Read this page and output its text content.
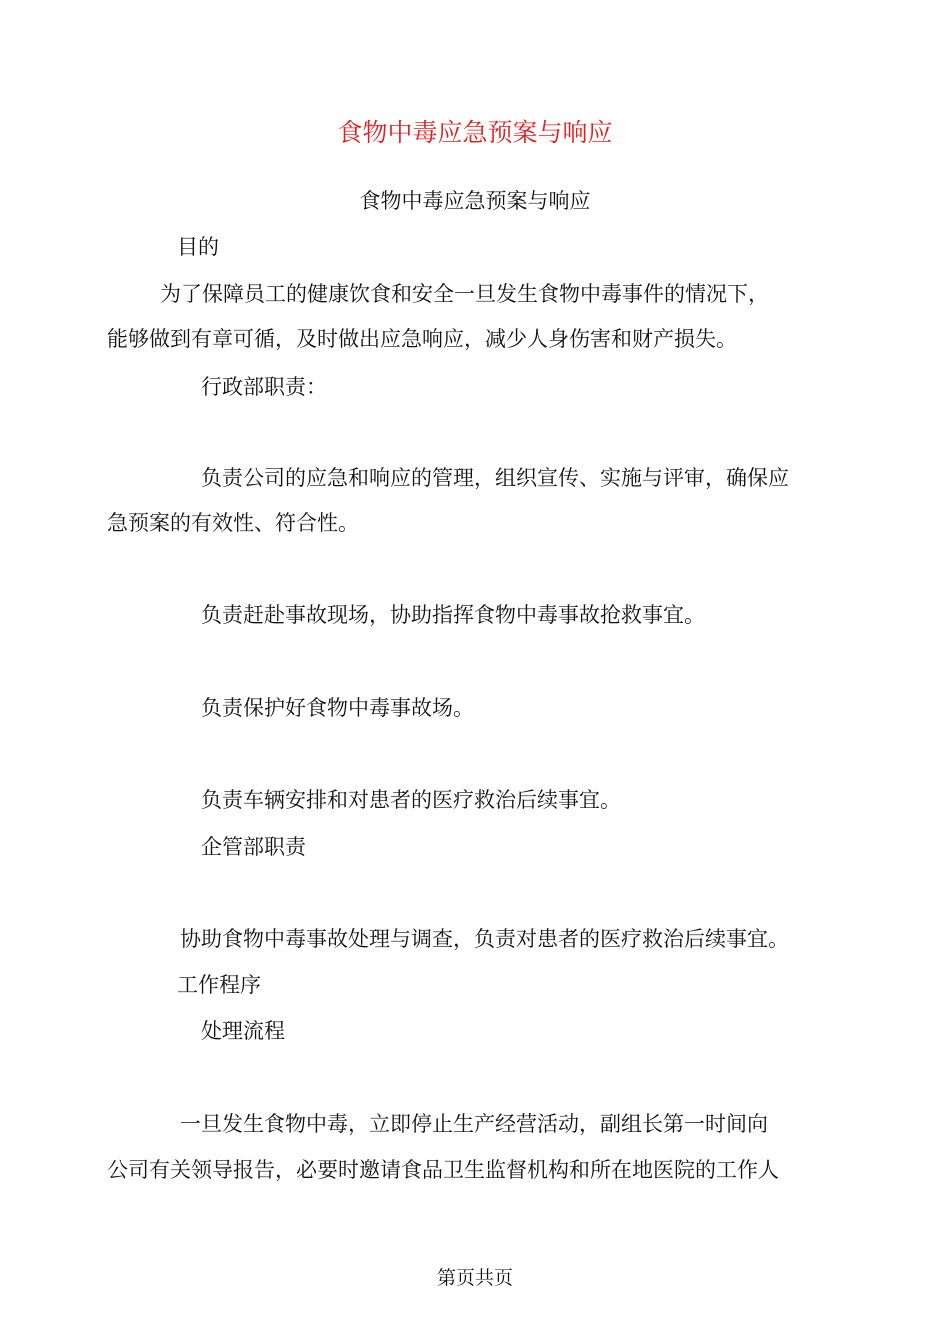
食物中毒应急预案与响应
食物中毒应急预案与响应
目的
为了保障员工的健康饮食和安全一旦发生食物中毒事件的情况下，
能够做到有章可循，及时做出应急响应，减少人身伤害和财产损失。
行政部职责：
负责公司的应急和响应的管理，组织宣传、实施与评审，确保应
急预案的有效性、符合性。
负责赶赴事故现场，协助指挥食物中毒事故抢救事宜。
负责保护好食物中毒事故场。
负责车辆安排和对患者的医疗救治后续事宜。
企管部职责
协助食物中毒事故处理与调查，负责对患者的医疗救治后续事宜。
工作程序
处理流程
一旦发生食物中毒，立即停止生产经营活动，副组长第一时间向
公司有关领导报告，必要时邀请食品卫生监督机构和所在地医院的工作人
第页共页
